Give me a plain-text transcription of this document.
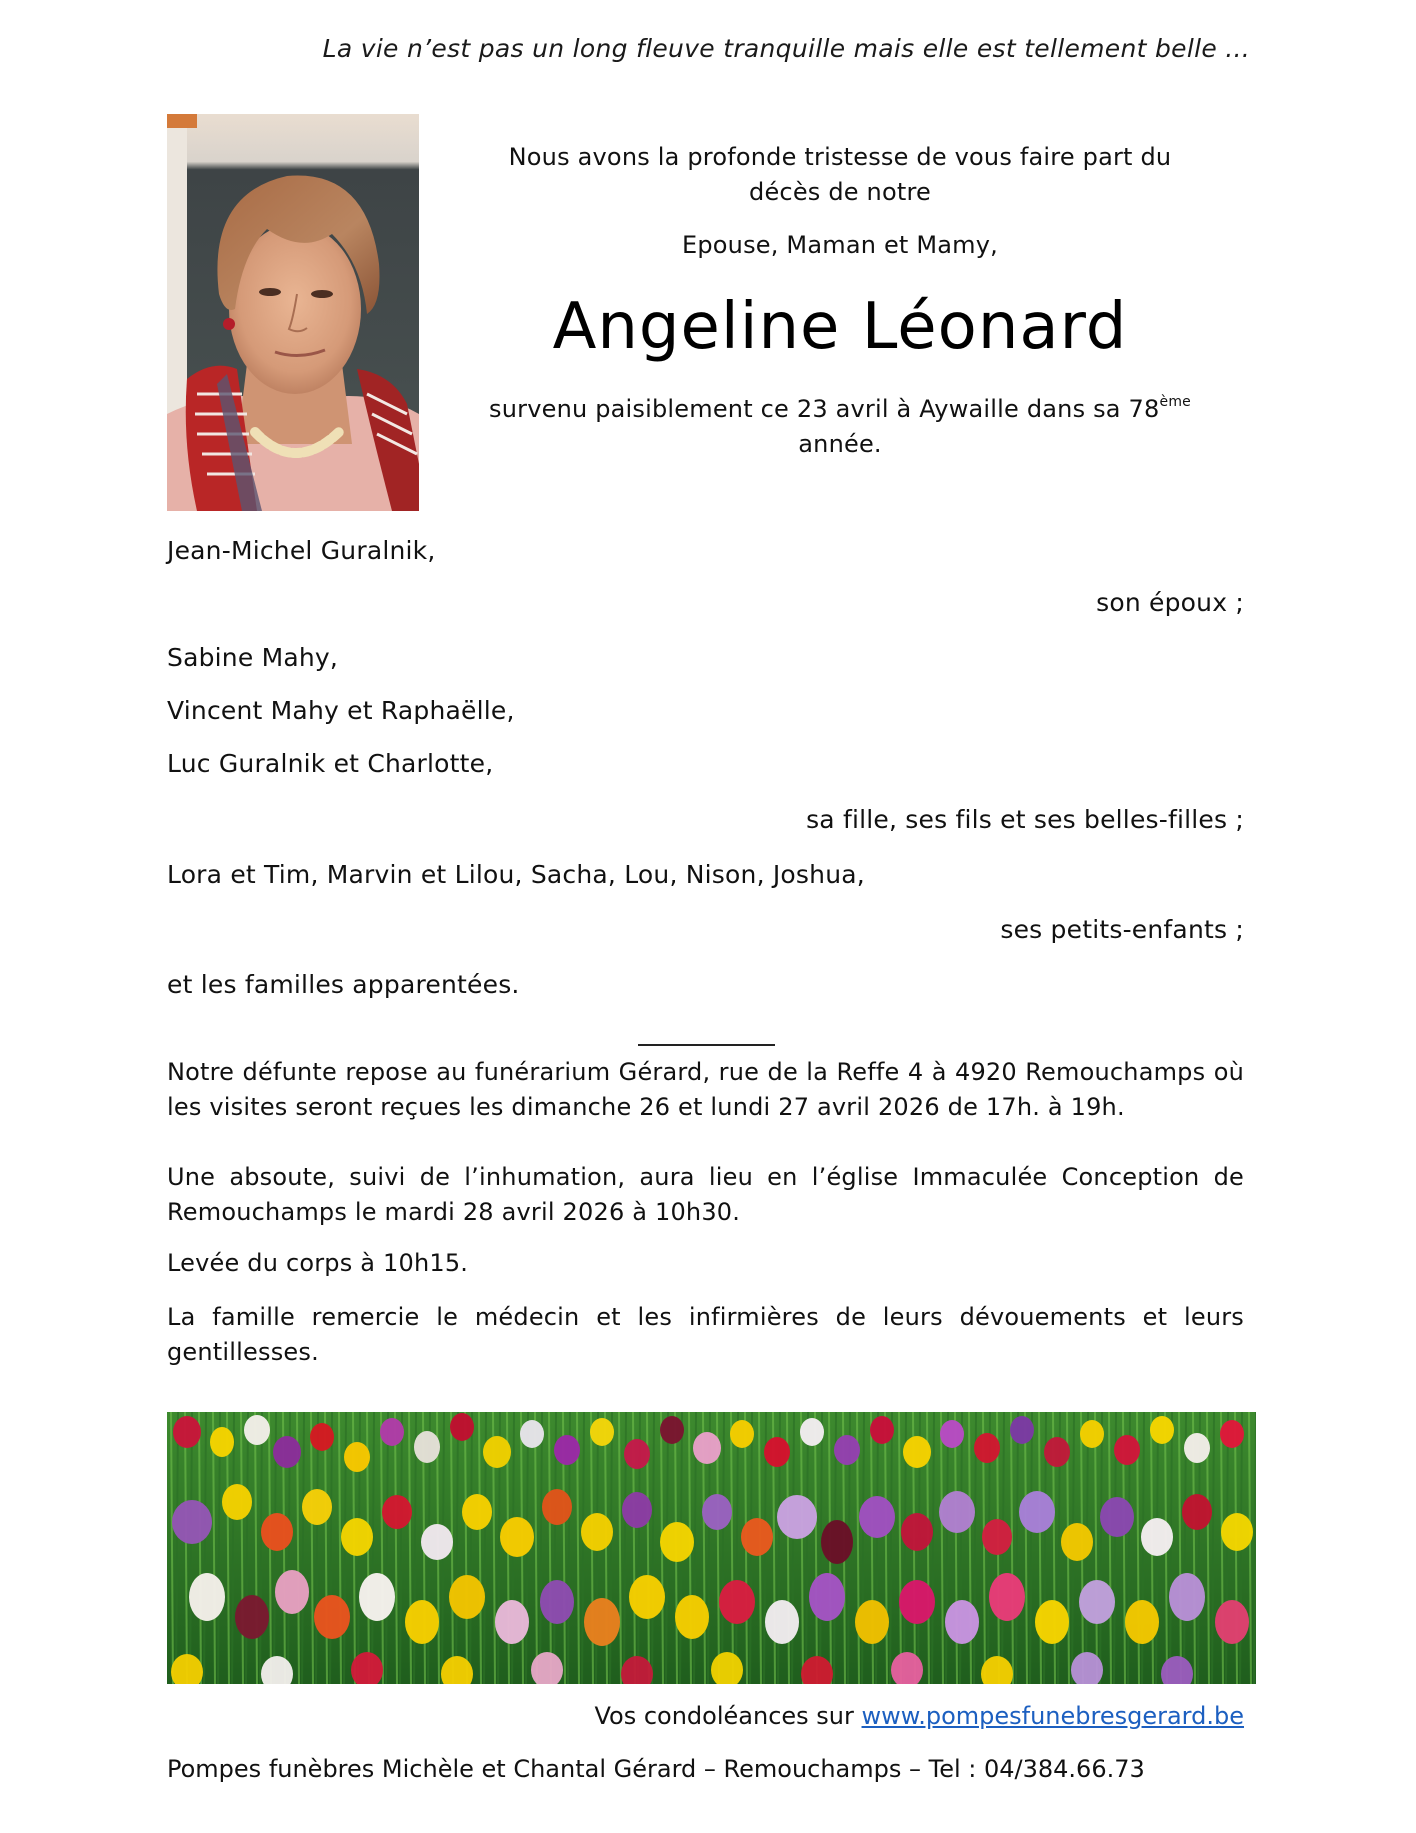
La vie n’est pas un long fleuve tranquille mais elle est tellement belle ...
Nous avons la profonde tristesse de vous faire part du
décès de notre
Epouse, Maman et Mamy,
Angeline Léonard
survenu paisiblement ce 23 avril à Aywaille dans sa 78ème
année.
Jean-Michel Guralnik,
son époux ;
Sabine Mahy,
Vincent Mahy et Raphaëlle,
Luc Guralnik et Charlotte,
sa fille, ses fils et ses belles-filles ;
Lora et Tim, Marvin et Lilou, Sacha, Lou, Nison, Joshua,
ses petits-enfants ;
et les familles apparentées.
Notre défunte repose au funérarium Gérard, rue de la Reffe 4 à 4920 Remouchamps où les visites seront reçues les dimanche 26 et lundi 27 avril 2026 de 17h. à 19h.
Une absoute, suivi de l’inhumation, aura lieu en l’église Immaculée Conception de Remouchamps le mardi 28 avril 2026 à 10h30.
Levée du corps à 10h15.
La famille remercie le médecin et les infirmières de leurs dévouements et leurs gentillesses.
Vos condoléances sur www.pompesfunebresgerard.be
Pompes funèbres Michèle et Chantal Gérard – Remouchamps – Tel : 04/384.66.73
